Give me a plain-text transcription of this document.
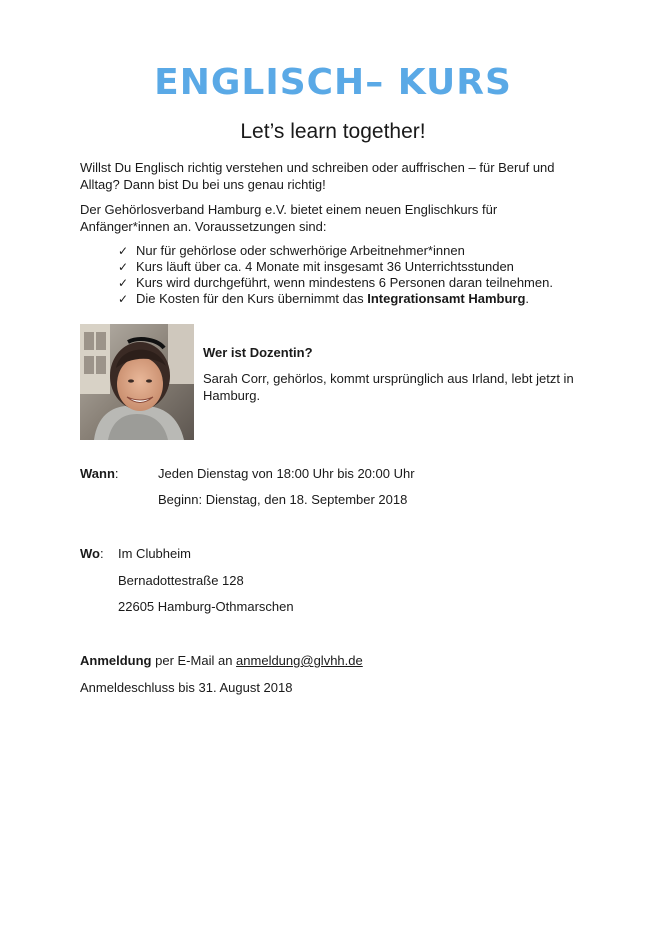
ENGLISCH– KURS
Let’s learn together!
Willst Du Englisch richtig verstehen und schreiben oder auffrischen – für Beruf und Alltag? Dann bist Du bei uns genau richtig!
Der Gehörlosverband Hamburg e.V. bietet einem neuen Englischkurs für Anfänger*innen an. Voraussetzungen sind:
✓ Nur für gehörlose oder schwerhörige Arbeitnehmer*innen
✓ Kurs läuft über ca. 4 Monate mit insgesamt 36 Unterrichtsstunden
✓ Kurs wird durchgeführt, wenn mindestens 6 Personen daran teilnehmen.
✓ Die Kosten für den Kurs übernimmt das Integrationsamt Hamburg.
Wer ist Dozentin?
Sarah Corr, gehörlos, kommt ursprünglich aus Irland, lebt jetzt in Hamburg.
Wann:	Jeden Dienstag von 18:00 Uhr bis 20:00 Uhr
Beginn: Dienstag, den 18. September 2018
Wo: Im Clubheim
Bernadottestraße 128
22605 Hamburg-Othmarschen
Anmeldung per E-Mail an anmeldung@glvhh.de
Anmeldeschluss bis 31. August 2018
